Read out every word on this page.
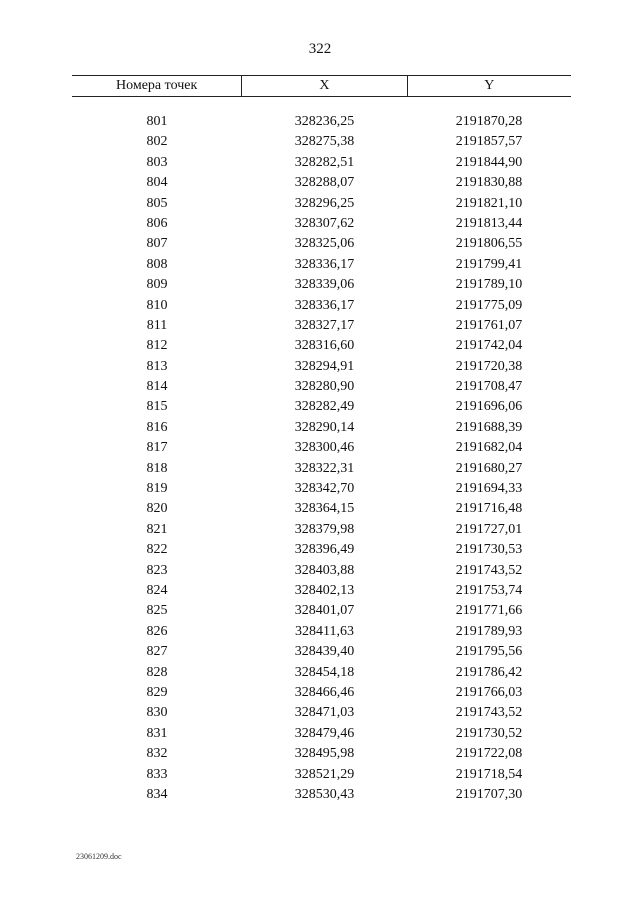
322
Номера точек	X	Y
801	328236,25	2191870,28
802	328275,38	2191857,57
803	328282,51	2191844,90
804	328288,07	2191830,88
805	328296,25	2191821,10
806	328307,62	2191813,44
807	328325,06	2191806,55
808	328336,17	2191799,41
809	328339,06	2191789,10
810	328336,17	2191775,09
811	328327,17	2191761,07
812	328316,60	2191742,04
813	328294,91	2191720,38
814	328280,90	2191708,47
815	328282,49	2191696,06
816	328290,14	2191688,39
817	328300,46	2191682,04
818	328322,31	2191680,27
819	328342,70	2191694,33
820	328364,15	2191716,48
821	328379,98	2191727,01
822	328396,49	2191730,53
823	328403,88	2191743,52
824	328402,13	2191753,74
825	328401,07	2191771,66
826	328411,63	2191789,93
827	328439,40	2191795,56
828	328454,18	2191786,42
829	328466,46	2191766,03
830	328471,03	2191743,52
831	328479,46	2191730,52
832	328495,98	2191722,08
833	328521,29	2191718,54
834	328530,43	2191707,30
23061209.doc
